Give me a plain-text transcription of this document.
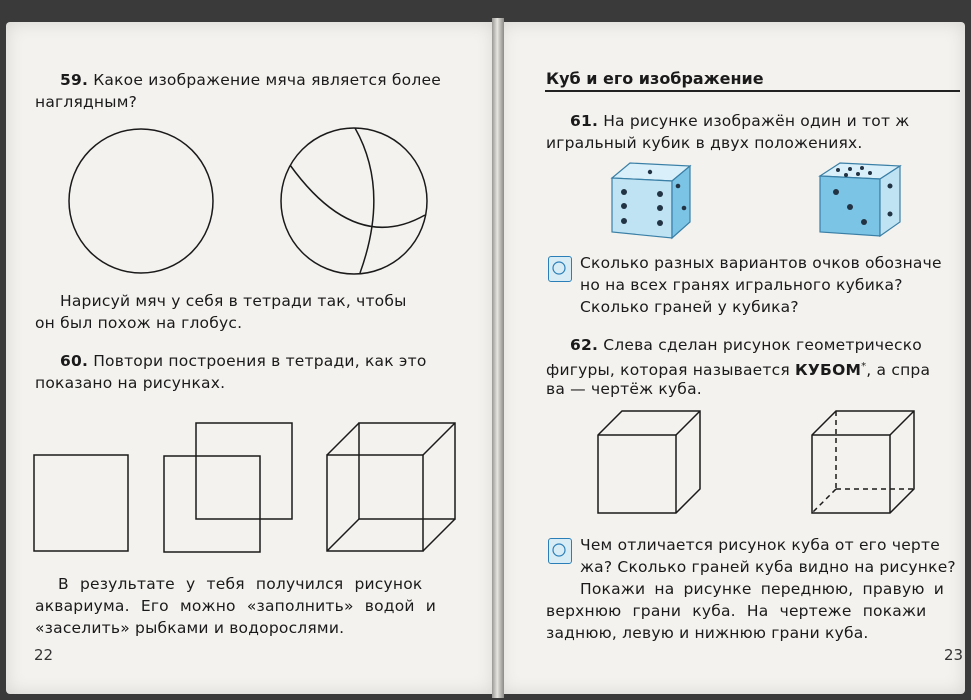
59. Какое изображение мяча является более
наглядным?
Нарисуй мяч у себя в тетради так, чтобы
он был похож на глобус.
60. Повтори построения в тетради, как это
показано на рисунках.
В результате у тебя получился рисунок
аквариума. Его можно «заполнить» водой и
«заселить» рыбками и водорослями.
22
Куб и его изображение
61. На рисунке изображён один и тот ж
игральный кубик в двух положениях.
Сколько разных вариантов очков обозначе
но на всех гранях игрального кубика?
Сколько граней у кубика?
62. Слева сделан рисунок геометрическо
фигуры, которая называется КУБОМ*, а спра
ва — чертёж куба.
Чем отличается рисунок куба от его черте
жа? Сколько граней куба видно на рисунке?
Покажи на рисунке переднюю, правую и
верхнюю грани куба. На чертеже покажи
заднюю, левую и нижнюю грани куба.
23
